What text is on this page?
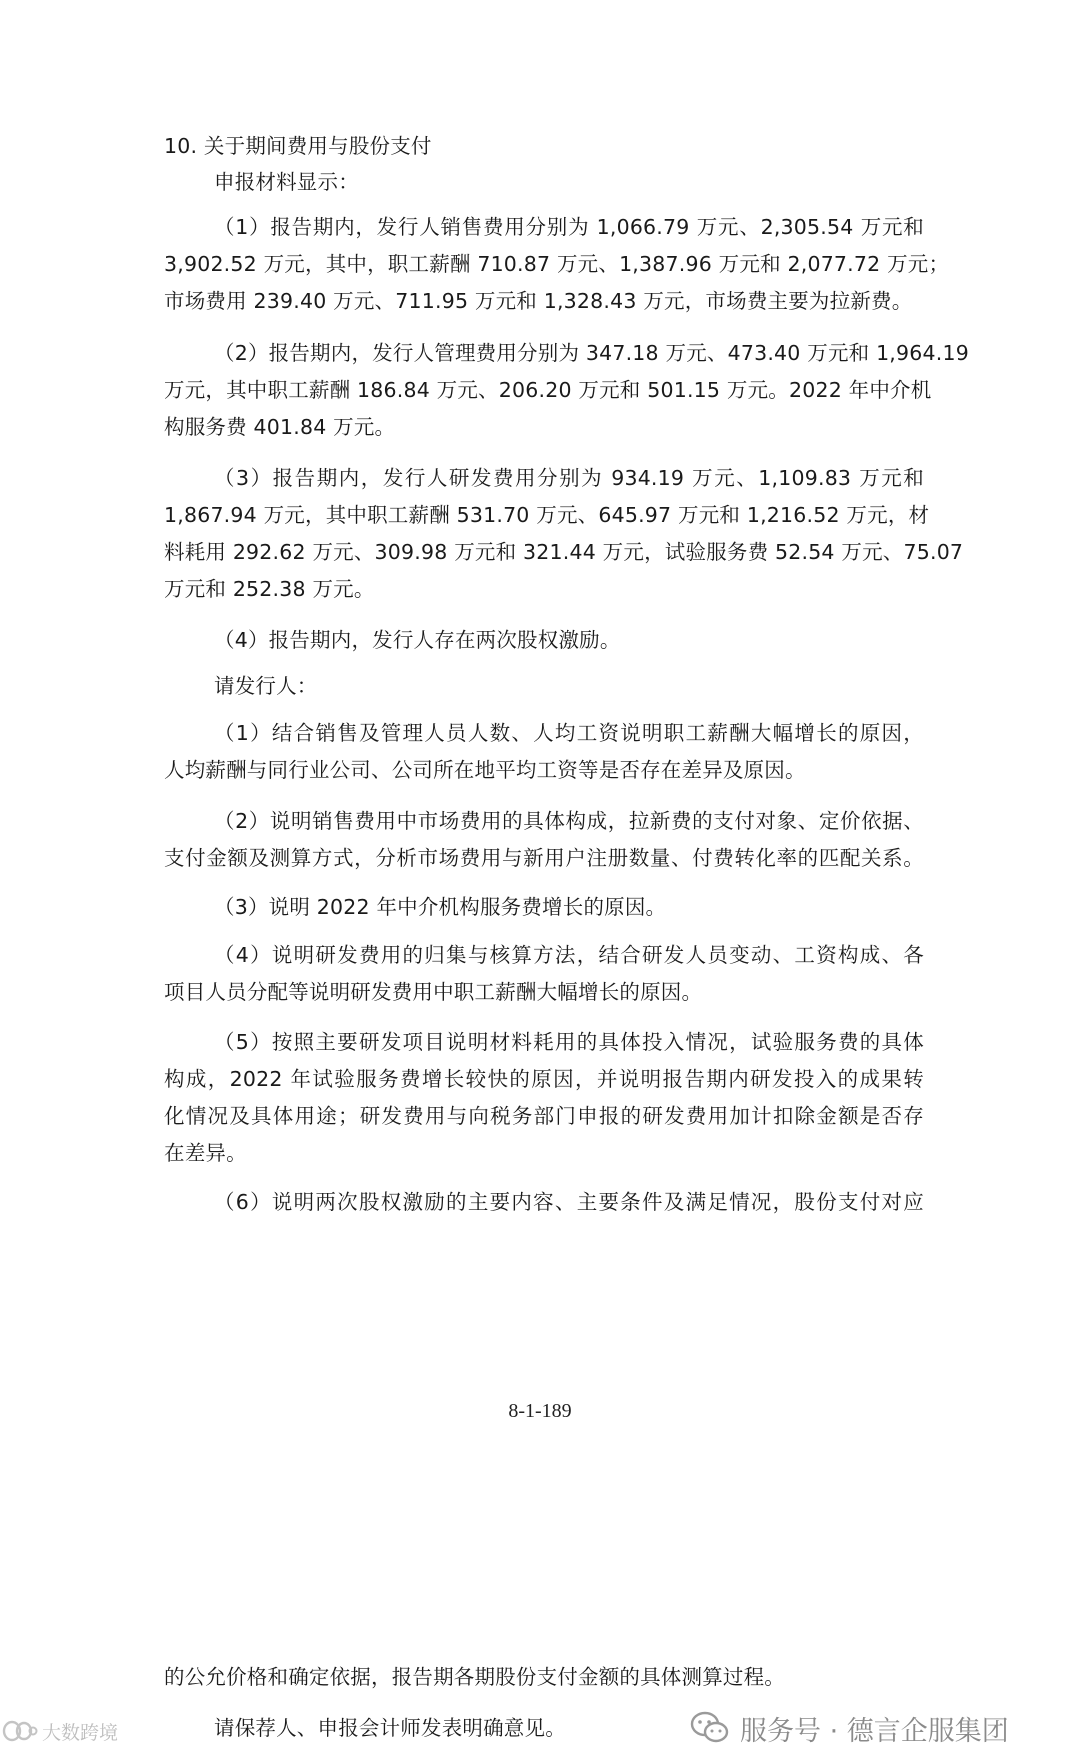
10. 关于期间费用与股份支付
申报材料显示：
（1）报告期内，发行人销售费用分别为 1,066.79 万元、2,305.54 万元和
3,902.52 万元，其中，职工薪酬 710.87 万元、1,387.96 万元和 2,077.72 万元；
市场费用 239.40 万元、711.95 万元和 1,328.43 万元，市场费主要为拉新费。
（2）报告期内，发行人管理费用分别为 347.18 万元、473.40 万元和 1,964.19
万元，其中职工薪酬 186.84 万元、206.20 万元和 501.15 万元。2022 年中介机
构服务费 401.84 万元。
（3）报告期内，发行人研发费用分别为 934.19 万元、1,109.83 万元和
1,867.94 万元，其中职工薪酬 531.70 万元、645.97 万元和 1,216.52 万元，材
料耗用 292.62 万元、309.98 万元和 321.44 万元，试验服务费 52.54 万元、75.07
万元和 252.38 万元。
（4）报告期内，发行人存在两次股权激励。
请发行人：
（1）结合销售及管理人员人数、人均工资说明职工薪酬大幅增长的原因，
人均薪酬与同行业公司、公司所在地平均工资等是否存在差异及原因。
（2）说明销售费用中市场费用的具体构成，拉新费的支付对象、定价依据、
支付金额及测算方式，分析市场费用与新用户注册数量、付费转化率的匹配关系。
（3）说明 2022 年中介机构服务费增长的原因。
（4）说明研发费用的归集与核算方法，结合研发人员变动、工资构成、各
项目人员分配等说明研发费用中职工薪酬大幅增长的原因。
（5）按照主要研发项目说明材料耗用的具体投入情况，试验服务费的具体
构成，2022 年试验服务费增长较快的原因，并说明报告期内研发投入的成果转
化情况及具体用途；研发费用与向税务部门申报的研发费用加计扣除金额是否存
在差异。
（6）说明两次股权激励的主要内容、主要条件及满足情况，股份支付对应
8-1-189
的公允价格和确定依据，报告期各期股份支付金额的具体测算过程。
请保荐人、申报会计师发表明确意见。
大数跨境	服务号 · 德言企服集团
